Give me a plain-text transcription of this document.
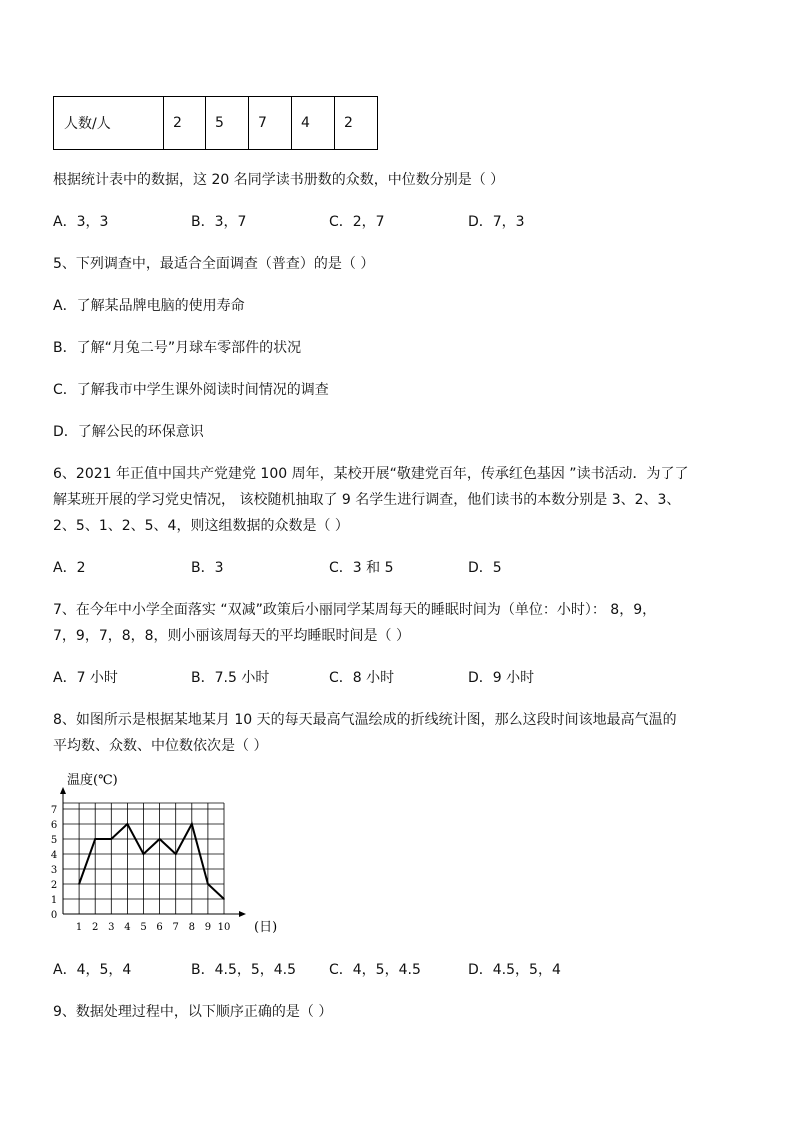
人数/人	2	5	7	4	2
根据统计表中的数据，这 20 名同学读书册数的众数，中位数分别是（ ）
A．3，3	B．3，7	C．2，7	D．7，3
5、下列调查中，最适合全面调查（普查）的是（ ）
A．了解某品牌电脑的使用寿命
B．了解“月兔二号”月球车零部件的状况
C．了解我市中学生课外阅读时间情况的调查
D．了解公民的环保意识
6、2021 年正值中国共产党建党 100 周年，某校开展“敬建党百年，传承红色基因 ”读书活动．为了了
解某班开展的学习党史情况， 该校随机抽取了 9 名学生进行调查，他们读书的本数分别是 3、2、3、
2、5、1、2、5、4，则这组数据的众数是（ ）
A．2	B．3	C．3 和 5	D．5
7、在今年中小学全面落实 “双减”政策后小丽同学某周每天的睡眠时间为（单位：小时）： 8，9，
7，9，7，8，8，则小丽该周每天的平均睡眠时间是（ ）
A．7 小时	B．7.5 小时	C．8 小时	D．9 小时
8、如图所示是根据某地某月 10 天的每天最高气温绘成的折线统计图，那么这段时间该地最高气温的
平均数、众数、中位数依次是（ ）
0
1
2
3
4
5
6
7
1 2 3 4 5 6 7 8 9 10
温度(℃)
(日)
A．4，5，4	B．4.5，5，4.5 C．4，5，4.5	D．4.5，5，4
9、数据处理过程中，以下顺序正确的是（ ）
